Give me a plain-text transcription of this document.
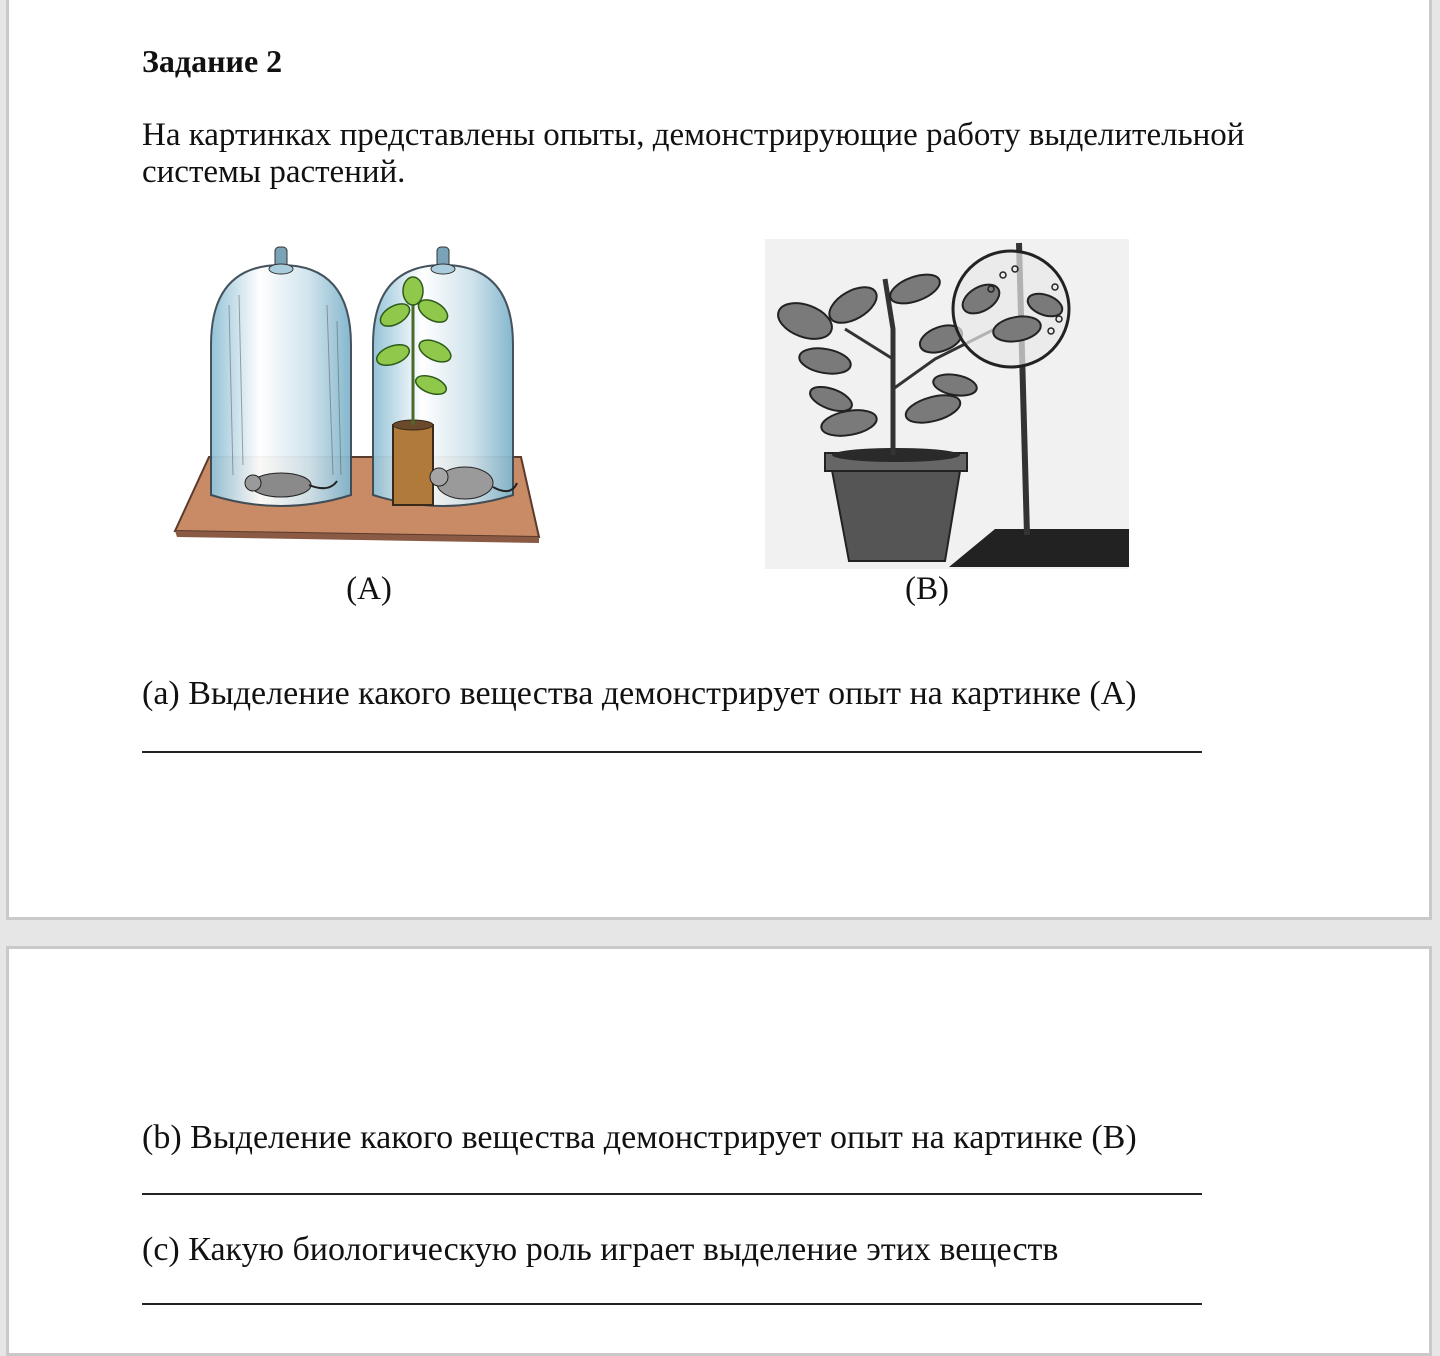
Задание 2

На картинках представлены опыты, демонстрирующие работу выделительной системы растений.

(A)	(B)

(a) Выделение какого вещества демонстрирует опыт на картинке (A)

(b) Выделение какого вещества демонстрирует опыт на картинке (B)

(c) Какую биологическую роль играет выделение этих веществ
